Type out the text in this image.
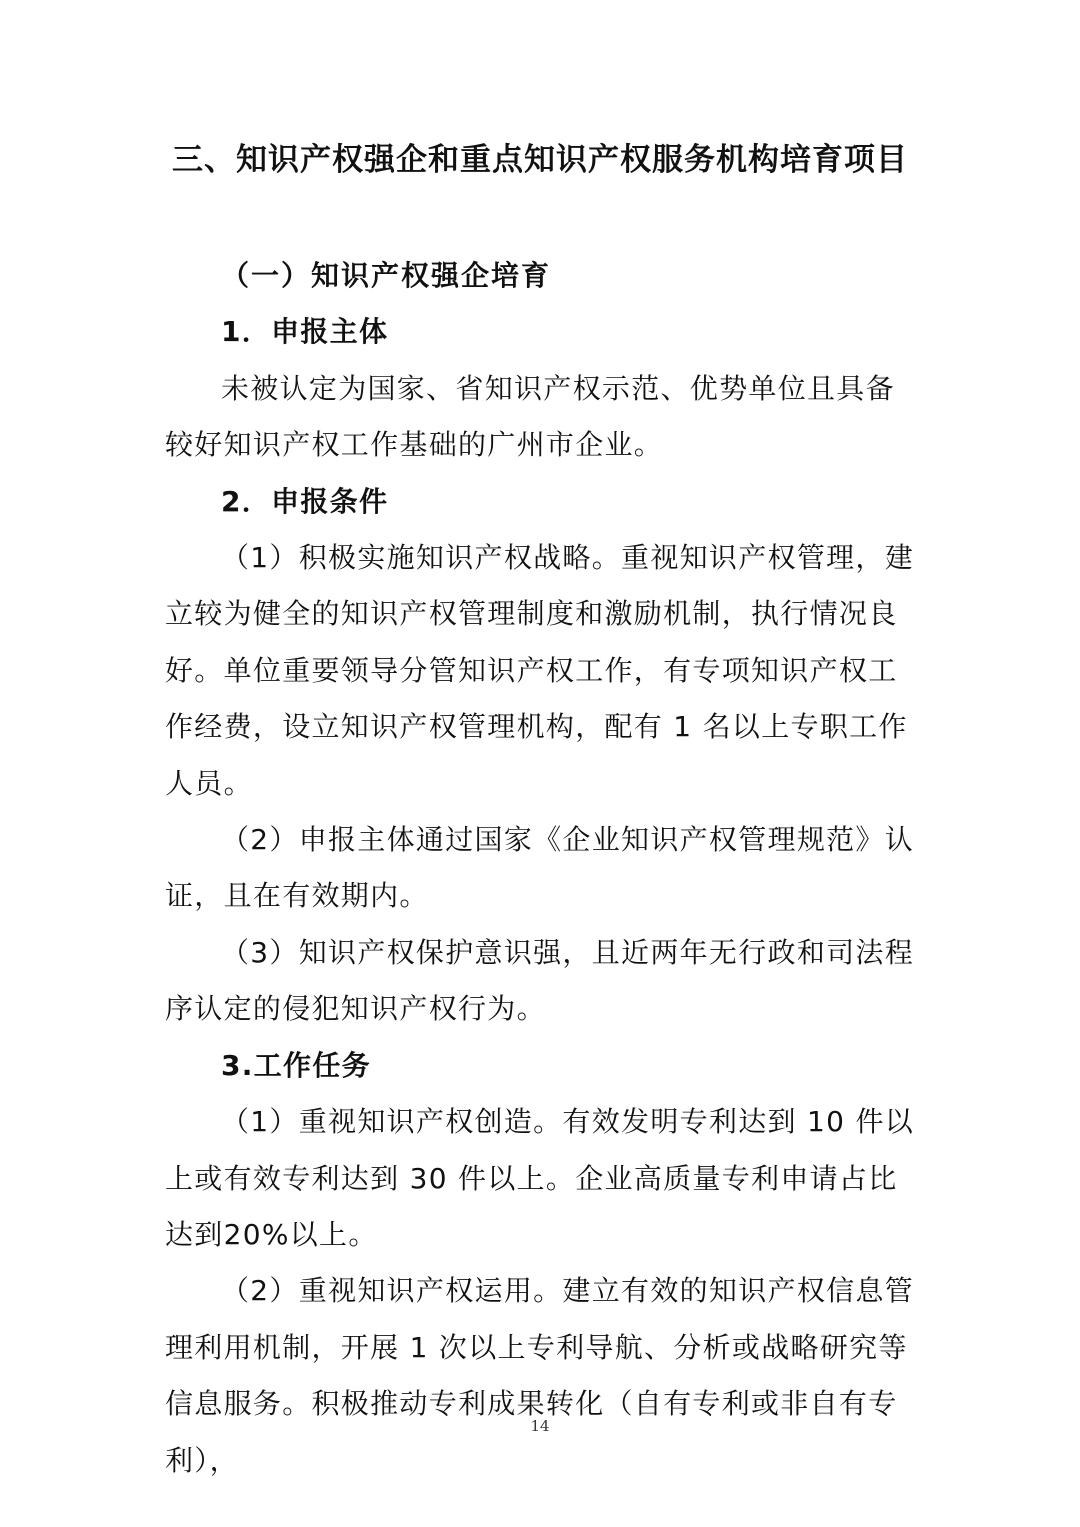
三、知识产权强企和重点知识产权服务机构培育项目

（一）知识产权强企培育

1．申报主体

未被认定为国家、省知识产权示范、优势单位且具备较好知识产权工作基础的广州市企业。

2．申报条件

（1）积极实施知识产权战略。重视知识产权管理，建立较为健全的知识产权管理制度和激励机制，执行情况良好。单位重要领导分管知识产权工作，有专项知识产权工作经费，设立知识产权管理机构，配有 1 名以上专职工作人员。

（2）申报主体通过国家《企业知识产权管理规范》认证，且在有效期内。

（3）知识产权保护意识强，且近两年无行政和司法程序认定的侵犯知识产权行为。

3.工作任务

（1）重视知识产权创造。有效发明专利达到 10 件以上或有效专利达到 30 件以上。企业高质量专利申请占比达到20%以上。

（2）重视知识产权运用。建立有效的知识产权信息管理利用机制，开展 1 次以上专利导航、分析或战略研究等信息服务。积极推动专利成果转化（自有专利或非自有专利），

14
